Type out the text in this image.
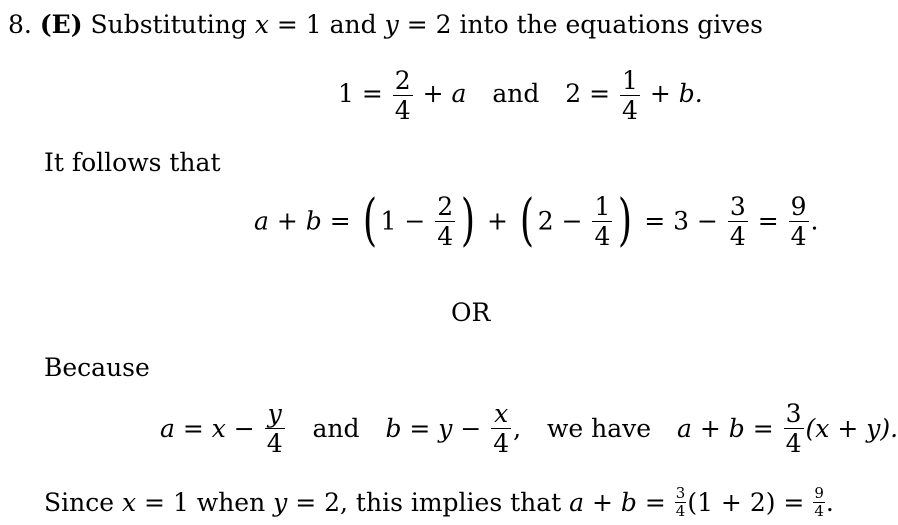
8. (E) Substituting x = 1 and y = 2 into the equations gives
$1 = \frac{2}{4} + a$ and $2 = \frac{1}{4} + b$.
It follows that
a + b = ( $1 - \frac{2}{4}$ ) + ( $2 - \frac{1}{4}$ ) = $3 - \frac{3}{4} = \frac{9}{4}$ .
OR
Because
$a = x - \frac{y}{4}$ and $b = y - \frac{x}{4}$ , we have $a + b = \frac{3}{4} (x + y)$.
Since x = 1 when y = 2, this implies that $a + b = \frac{3}{4} (1 + 2) = \frac{9}{4}$ .
